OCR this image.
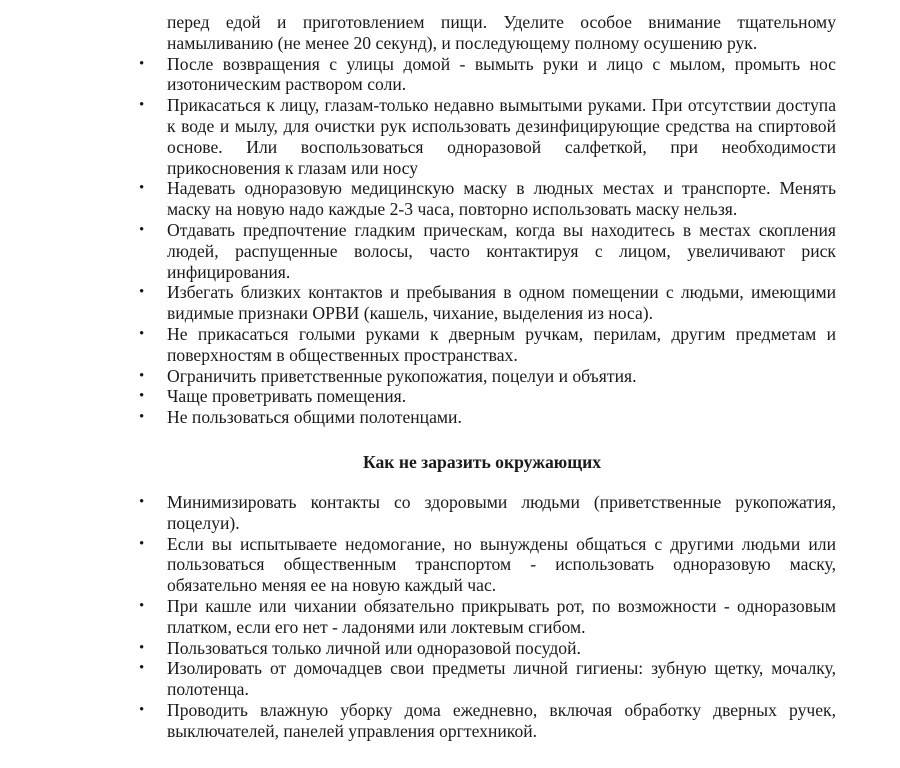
перед едой и приготовлением пищи. Уделите особое внимание тщательному намыливанию (не менее 20 секунд), и последующему полному осушению рук.
• После возвращения с улицы домой - вымыть руки и лицо с мылом, промыть нос изотоническим раствором соли.
• Прикасаться к лицу, глазам-только недавно вымытыми руками. При отсутствии доступа к воде и мылу, для очистки рук использовать дезинфицирующие средства на спиртовой основе. Или воспользоваться одноразовой салфеткой, при необходимости прикосновения к глазам или носу
• Надевать одноразовую медицинскую маску в людных местах и транспорте. Менять маску на новую надо каждые 2-3 часа, повторно использовать маску нельзя.
• Отдавать предпочтение гладким прическам, когда вы находитесь в местах скопления людей, распущенные волосы, часто контактируя с лицом, увеличивают риск инфицирования.
• Избегать близких контактов и пребывания в одном помещении с людьми, имеющими видимые признаки ОРВИ (кашель, чихание, выделения из носа).
• Не прикасаться голыми руками к дверным ручкам, перилам, другим предметам и поверхностям в общественных пространствах.
• Ограничить приветственные рукопожатия, поцелуи и объятия.
• Чаще проветривать помещения.
• Не пользоваться общими полотенцами.
Как не заразить окружающих
• Минимизировать контакты со здоровыми людьми (приветственные рукопожатия, поцелуи).
• Если вы испытываете недомогание, но вынуждены общаться с другими людьми или пользоваться общественным транспортом - использовать одноразовую маску, обязательно меняя ее на новую каждый час.
• При кашле или чихании обязательно прикрывать рот, по возможности - одноразовым платком, если его нет - ладонями или локтевым сгибом.
• Пользоваться только личной или одноразовой посудой.
• Изолировать от домочадцев свои предметы личной гигиены: зубную щетку, мочалку, полотенца.
• Проводить влажную уборку дома ежедневно, включая обработку дверных ручек, выключателей, панелей управления оргтехникой.
